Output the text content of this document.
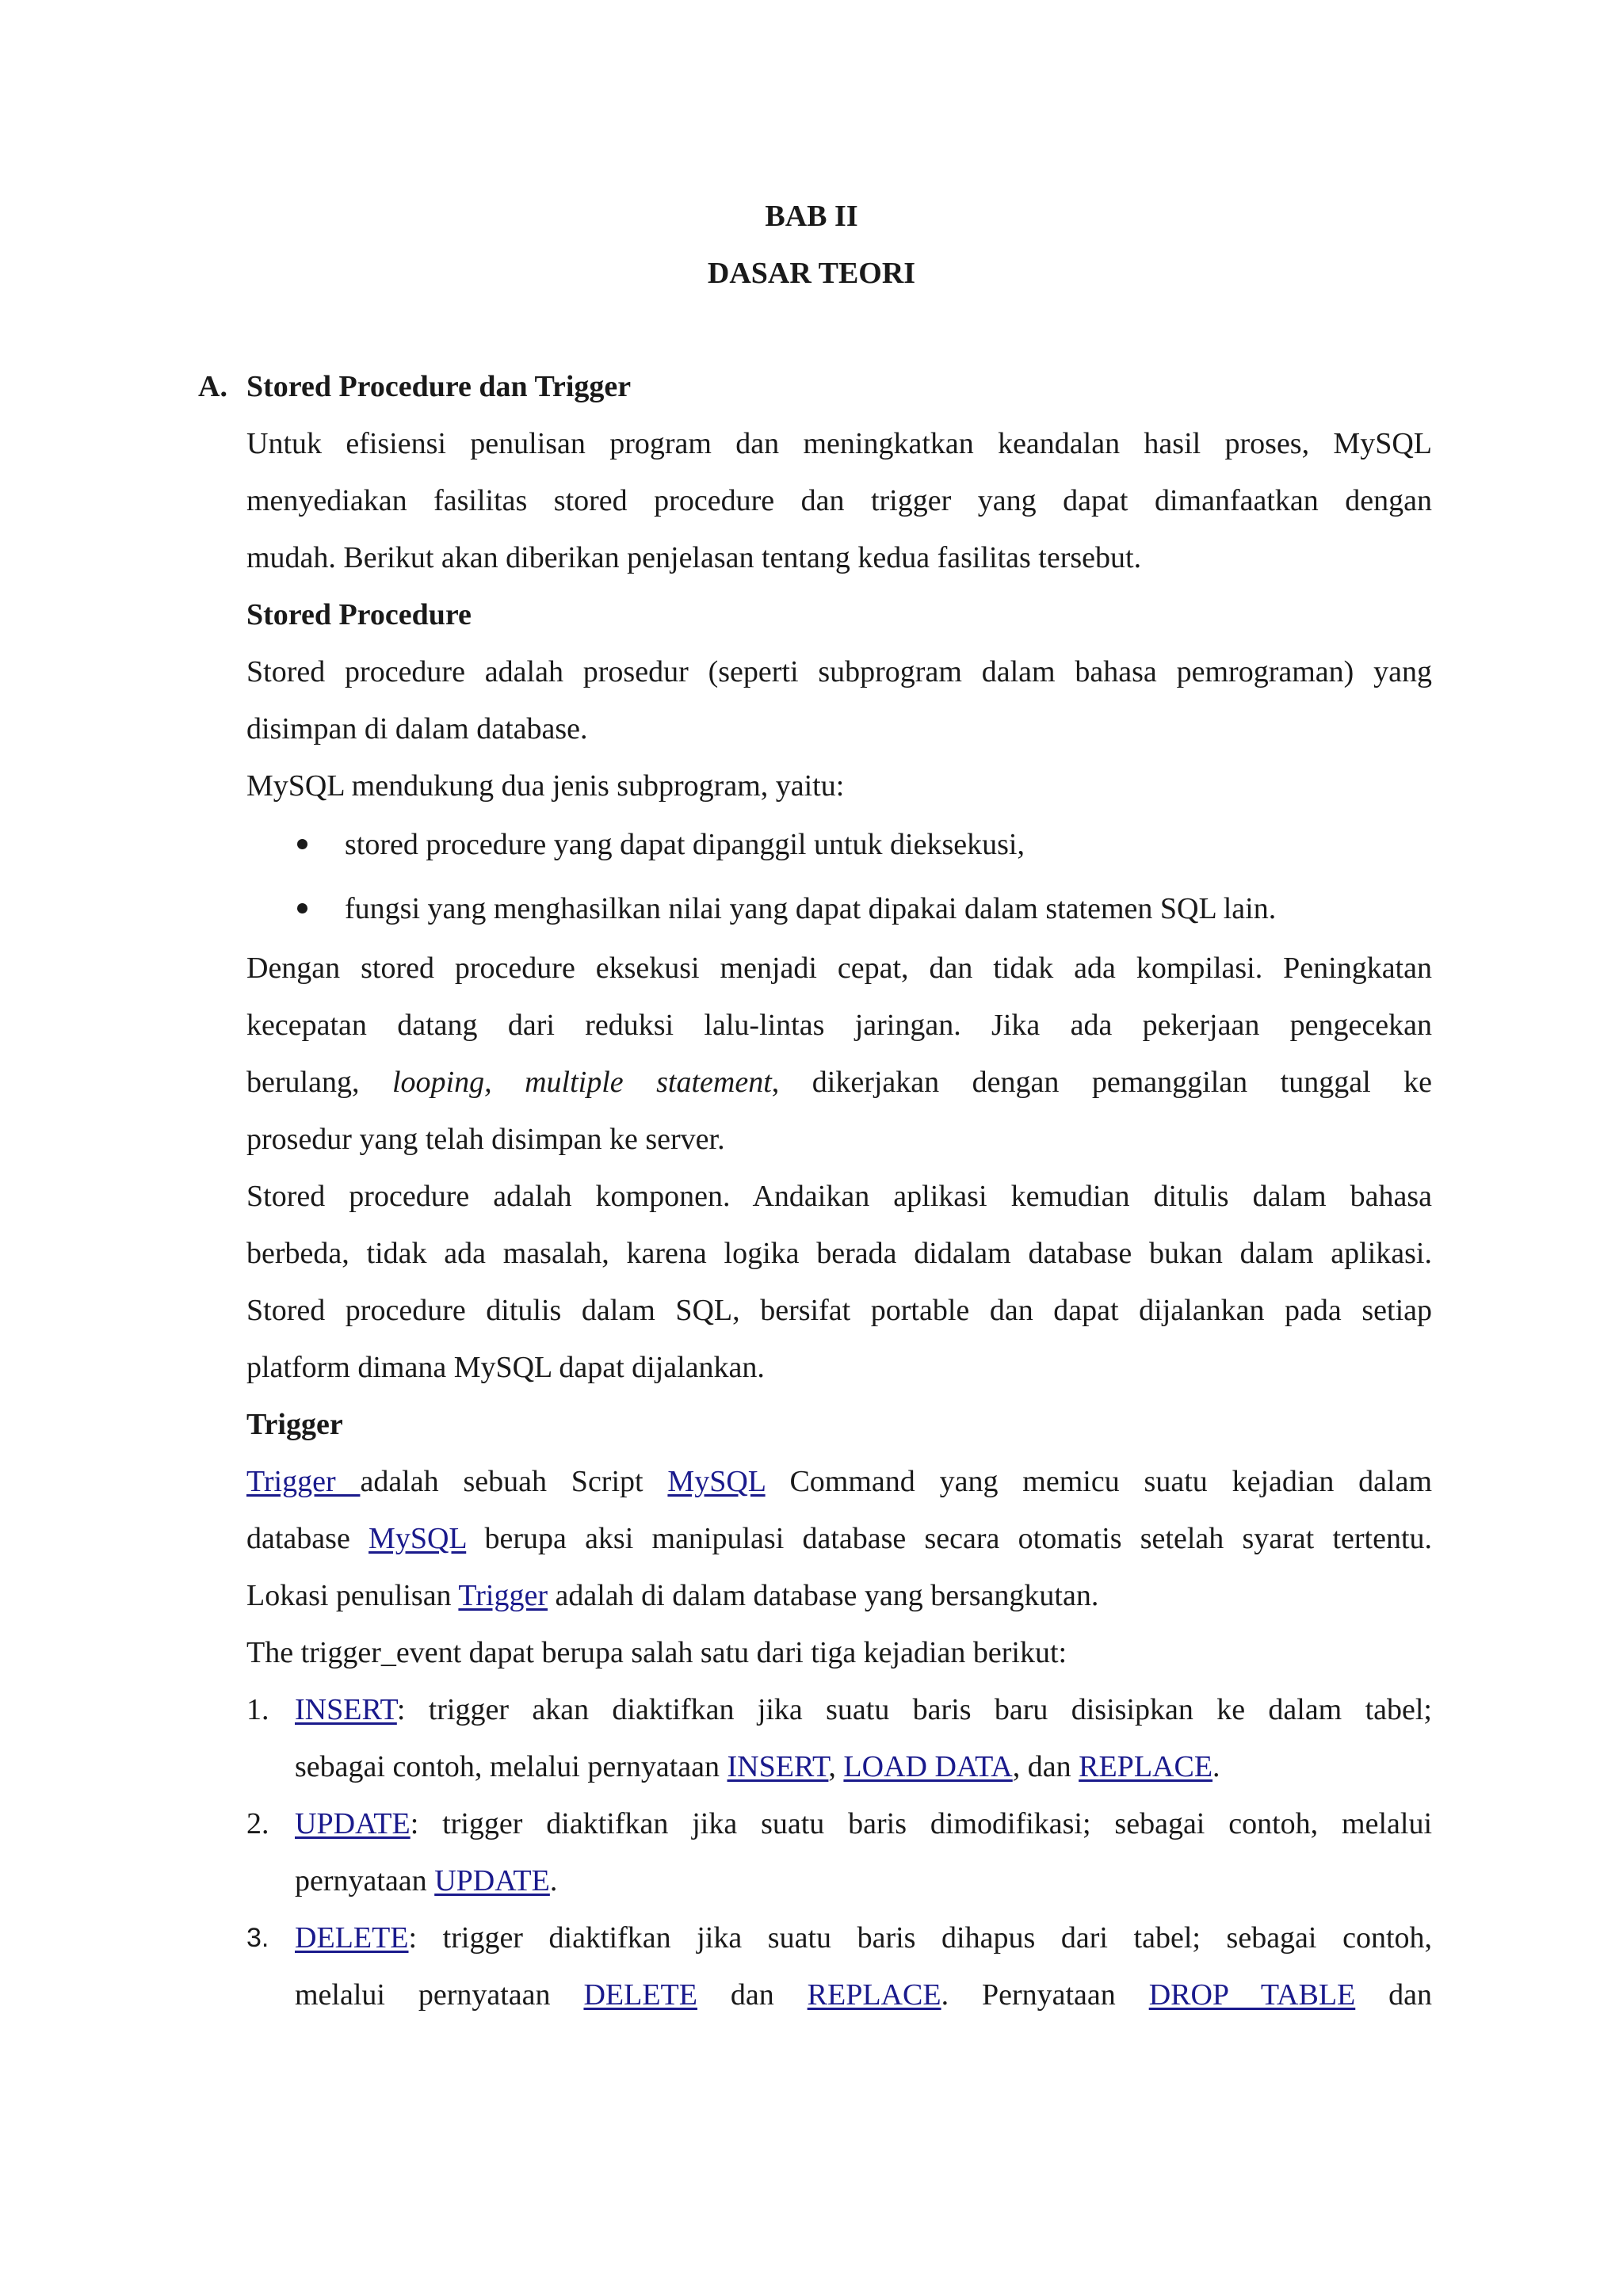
BAB II
DASAR TEORI
A. Stored Procedure dan Trigger
Untuk efisiensi penulisan program dan meningkatkan keandalan hasil proses, MySQL
menyediakan fasilitas stored procedure dan trigger yang dapat dimanfaatkan dengan
mudah. Berikut akan diberikan penjelasan tentang kedua fasilitas tersebut.
Stored Procedure
Stored procedure adalah prosedur (seperti subprogram dalam bahasa pemrograman) yang
disimpan di dalam database.
MySQL mendukung dua jenis subprogram, yaitu:
stored procedure yang dapat dipanggil untuk dieksekusi,
fungsi yang menghasilkan nilai yang dapat dipakai dalam statemen SQL lain.
Dengan stored procedure eksekusi menjadi cepat, dan tidak ada kompilasi. Peningkatan
kecepatan datang dari reduksi lalu-lintas jaringan. Jika ada pekerjaan pengecekan
berulang, looping, multiple statement, dikerjakan dengan pemanggilan tunggal ke
prosedur yang telah disimpan ke server.
Stored procedure adalah komponen. Andaikan aplikasi kemudian ditulis dalam bahasa
berbeda, tidak ada masalah, karena logika berada didalam database bukan dalam aplikasi.
Stored procedure ditulis dalam SQL, bersifat portable dan dapat dijalankan pada setiap
platform dimana MySQL dapat dijalankan.
Trigger
Trigger adalah sebuah Script MySQL Command yang memicu suatu kejadian dalam
database MySQL berupa aksi manipulasi database secara otomatis setelah syarat tertentu.
Lokasi penulisan Trigger adalah di dalam database yang bersangkutan.
The trigger_event dapat berupa salah satu dari tiga kejadian berikut:
1. INSERT: trigger akan diaktifkan jika suatu baris baru disisipkan ke dalam tabel;
sebagai contoh, melalui pernyataan INSERT, LOAD DATA, dan REPLACE.
2. UPDATE: trigger diaktifkan jika suatu baris dimodifikasi; sebagai contoh, melalui
pernyataan UPDATE.
3. DELETE: trigger diaktifkan jika suatu baris dihapus dari tabel; sebagai contoh,
melalui pernyataan DELETE dan REPLACE. Pernyataan DROP TABLE dan
